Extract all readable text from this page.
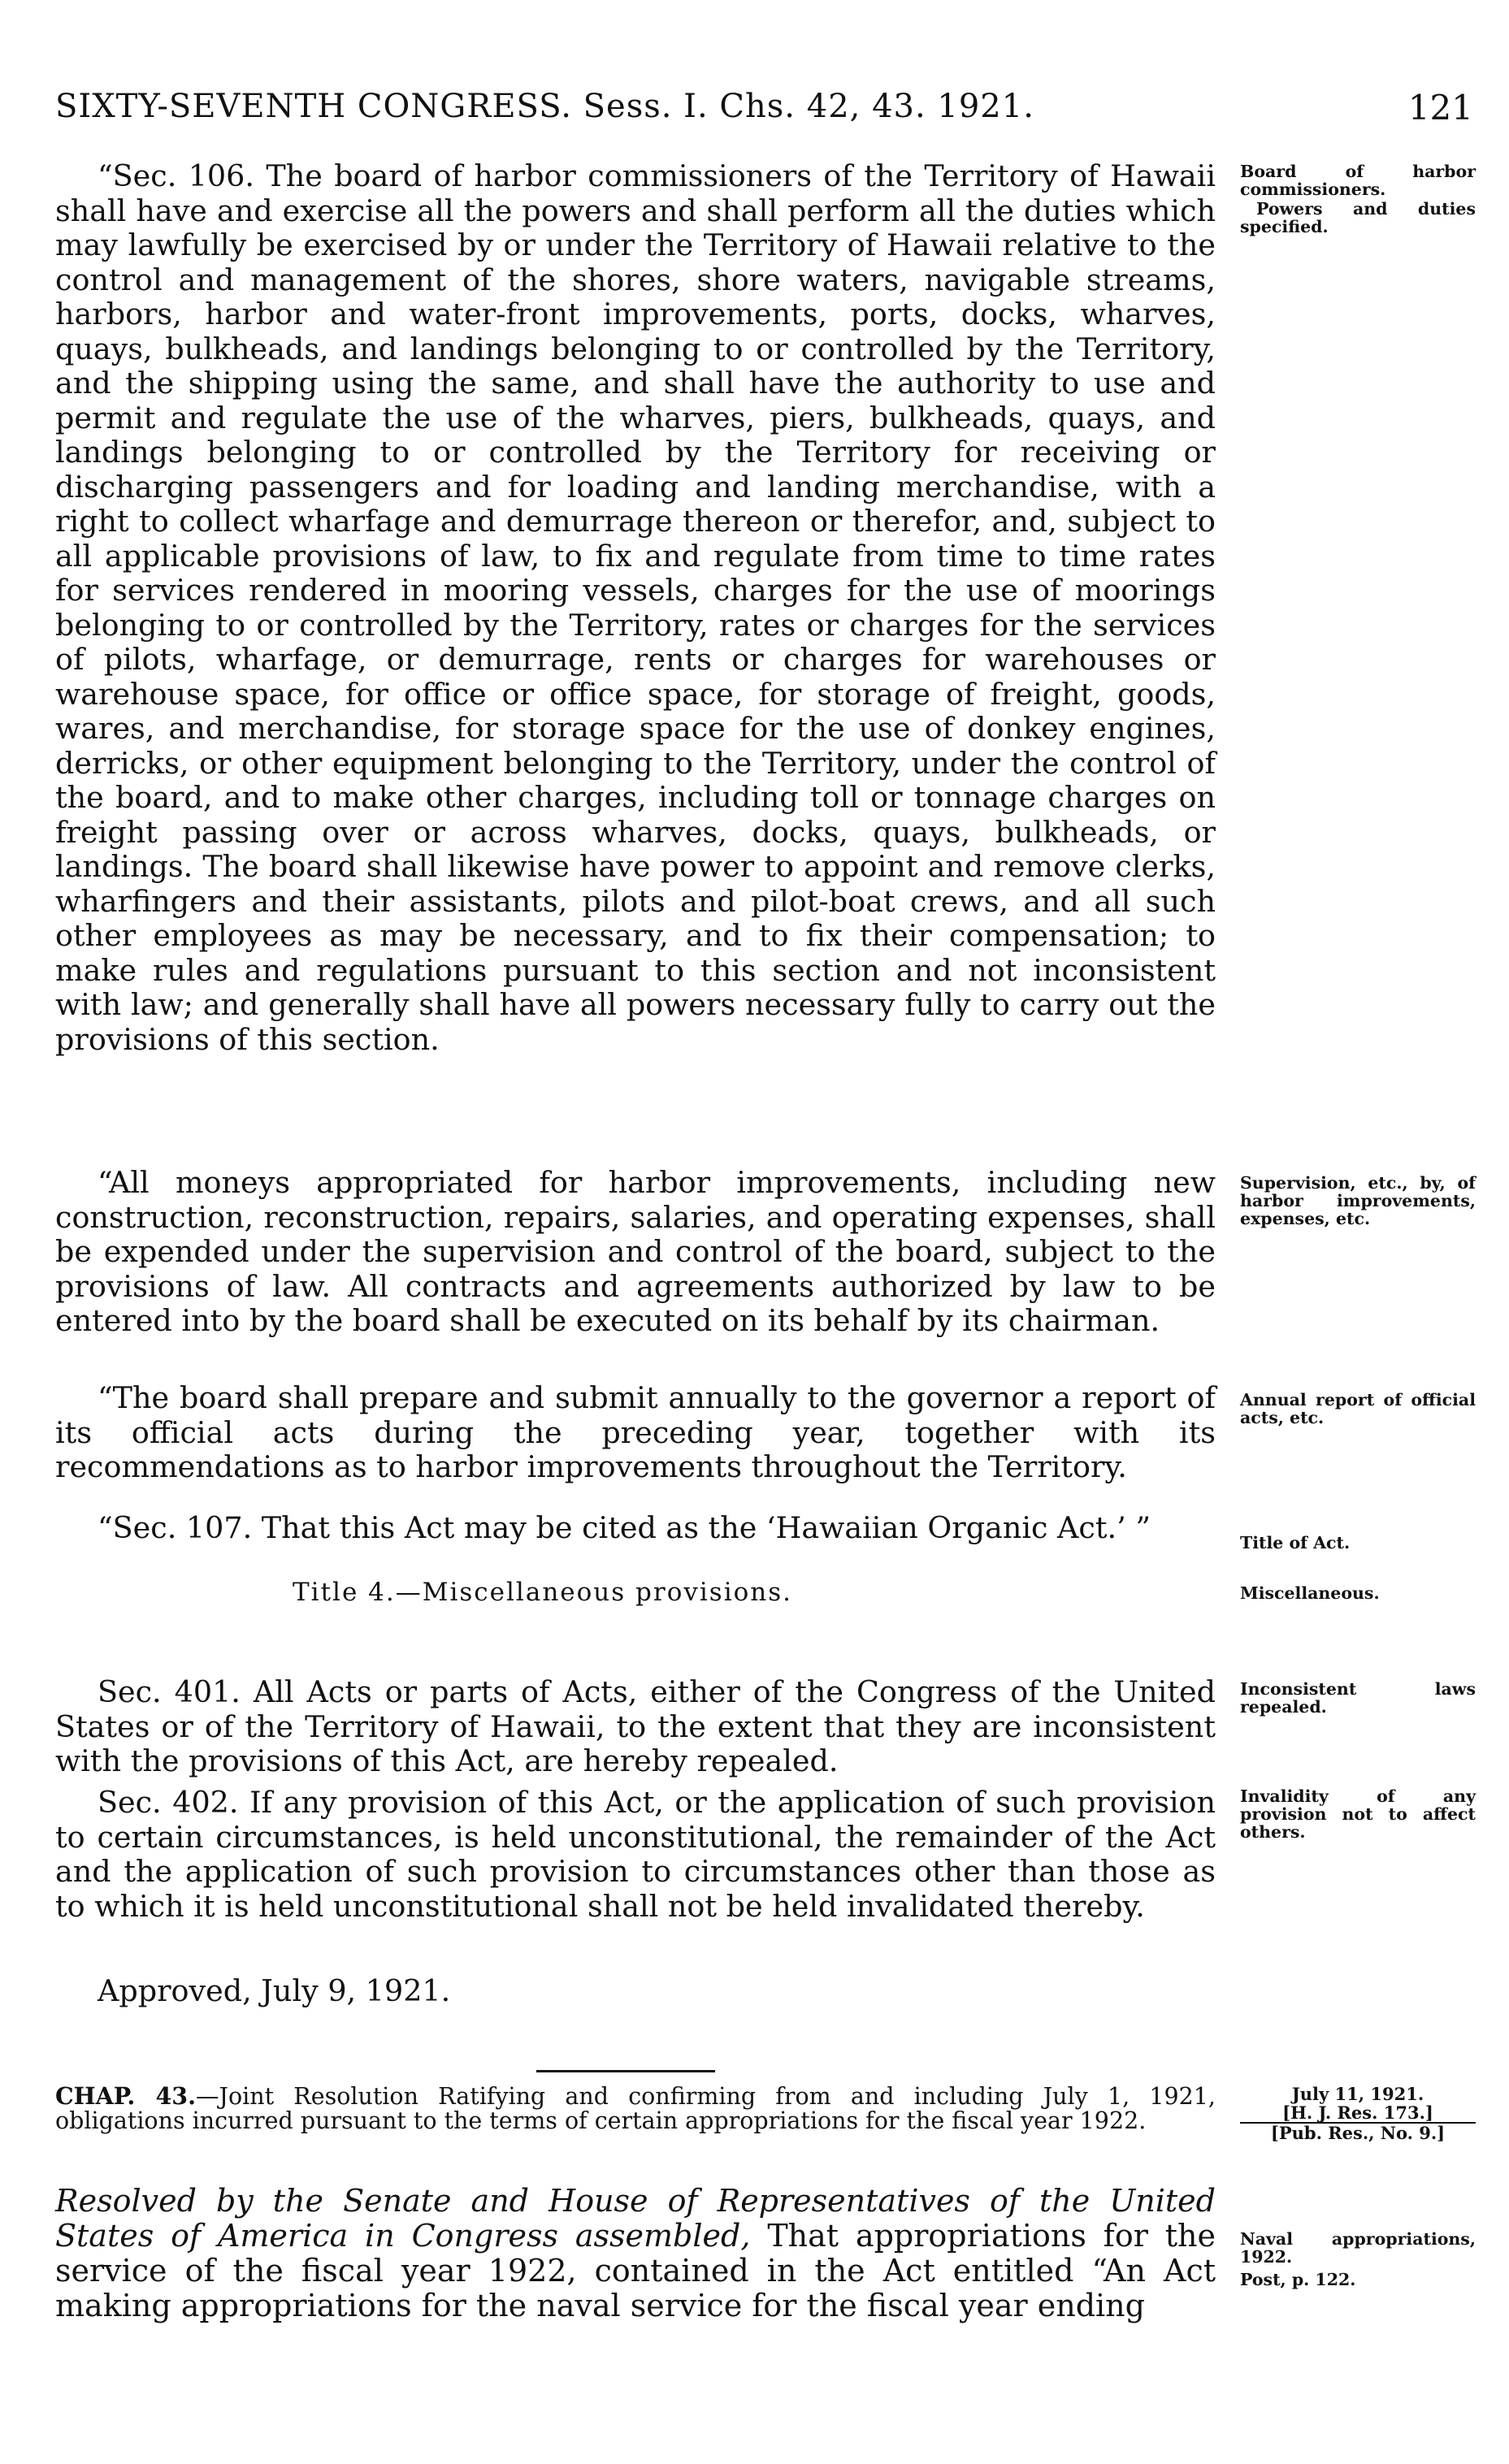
SIXTY-SEVENTH CONGRESS. Sess. I. Chs. 42, 43. 1921.	121

“Sec. 106. The board of harbor commissioners of the Territory of Hawaii shall have and exercise all the powers and shall perform all the duties which may lawfully be exercised by or under the Territory of Hawaii relative to the control and management of the shores, shore waters, navigable streams, harbors, harbor and water-front improvements, ports, docks, wharves, quays, bulkheads, and landings belonging to or controlled by the Territory, and the shipping using the same, and shall have the authority to use and permit and regulate the use of the wharves, piers, bulkheads, quays, and landings belonging to or controlled by the Territory for receiving or discharging passengers and for loading and landing merchandise, with a right to collect wharfage and demurrage thereon or therefor, and, subject to all applicable provisions of law, to fix and regulate from time to time rates for services rendered in mooring vessels, charges for the use of moorings belonging to or controlled by the Territory, rates or charges for the services of pilots, wharfage, or demurrage, rents or charges for warehouses or warehouse space, for office or office space, for storage of freight, goods, wares, and merchandise, for storage space for the use of donkey engines, derricks, or other equipment belonging to the Territory, under the control of the board, and to make other charges, including toll or tonnage charges on freight passing over or across wharves, docks, quays, bulkheads, or landings. The board shall likewise have power to appoint and remove clerks, wharfingers and their assistants, pilots and pilot-boat crews, and all such other employees as may be necessary, and to fix their compensation; to make rules and regulations pursuant to this section and not inconsistent with law; and generally shall have all powers necessary fully to carry out the provisions of this section.

“All moneys appropriated for harbor improvements, including new construction, reconstruction, repairs, salaries, and operating expenses, shall be expended under the supervision and control of the board, subject to the provisions of law. All contracts and agreements authorized by law to be entered into by the board shall be executed on its behalf by its chairman.

“The board shall prepare and submit annually to the governor a report of its official acts during the preceding year, together with its recommendations as to harbor improvements throughout the Territory.

“Sec. 107. That this Act may be cited as the ‘Hawaiian Organic Act.’ ”

Title 4.—Miscellaneous provisions.

Sec. 401. All Acts or parts of Acts, either of the Congress of the United States or of the Territory of Hawaii, to the extent that they are inconsistent with the provisions of this Act, are hereby repealed.

Sec. 402. If any provision of this Act, or the application of such provision to certain circumstances, is held unconstitutional, the remainder of the Act and the application of such provision to circumstances other than those as to which it is held unconstitutional shall not be held invalidated thereby.

Approved, July 9, 1921.

Board of harbor commissioners.
Powers and duties specified.
Supervision, etc., by, of harbor improvements, expenses, etc.
Annual report of official acts, etc.
Title of Act.
Miscellaneous.
Inconsistent laws repealed.
Invalidity of any provision not to affect others.
Naval appropriations, 1922.
Post, p. 122.
CHAP. 43.—Joint Resolution Ratifying and confirming from and including July 1, 1921, obligations incurred pursuant to the terms of certain appropriations for the fiscal year 1922.
July 11, 1921.
[H. J. Res. 173.]
[Pub. Res., No. 9.]
Resolved by the Senate and House of Representatives of the United States of America in Congress assembled, That appropriations for the service of the fiscal year 1922, contained in the Act entitled “An Act making appropriations for the naval service for the fiscal year ending
